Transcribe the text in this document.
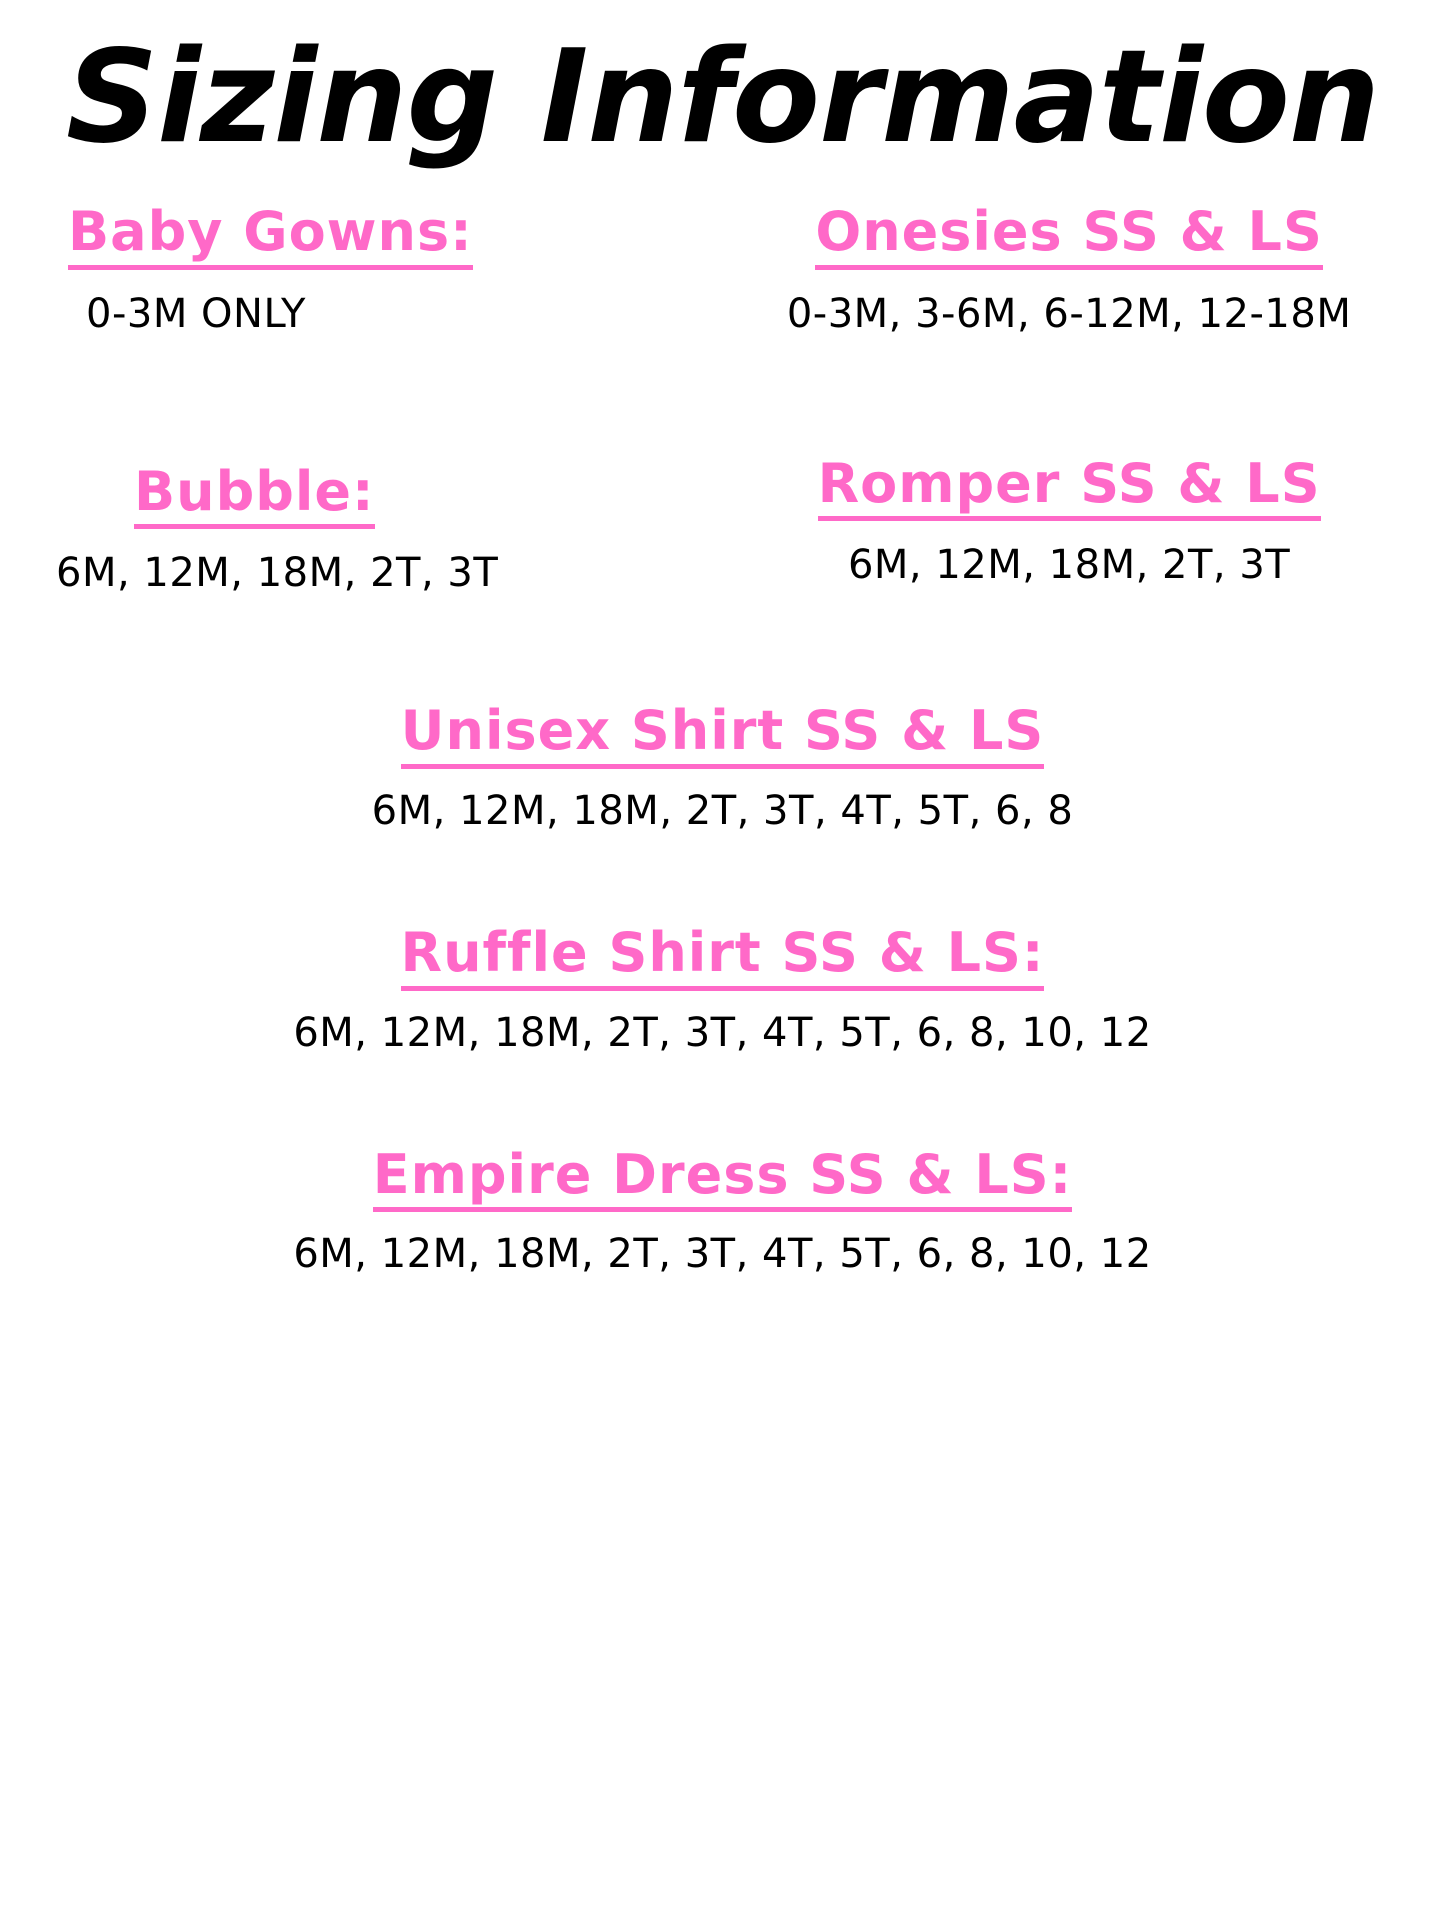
Sizing Information
Baby Gowns:
0-3M ONLY
Bubble:
6M, 12M, 18M, 2T, 3T
Onesies SS & LS
0-3M, 3-6M, 6-12M, 12-18M
Romper SS & LS
6M, 12M, 18M, 2T, 3T
Unisex Shirt SS & LS
6M, 12M, 18M, 2T, 3T, 4T, 5T, 6, 8
Ruffle Shirt SS & LS:
6M, 12M, 18M, 2T, 3T, 4T, 5T, 6, 8, 10, 12
Empire Dress SS & LS:
6M, 12M, 18M, 2T, 3T, 4T, 5T, 6, 8, 10, 12
